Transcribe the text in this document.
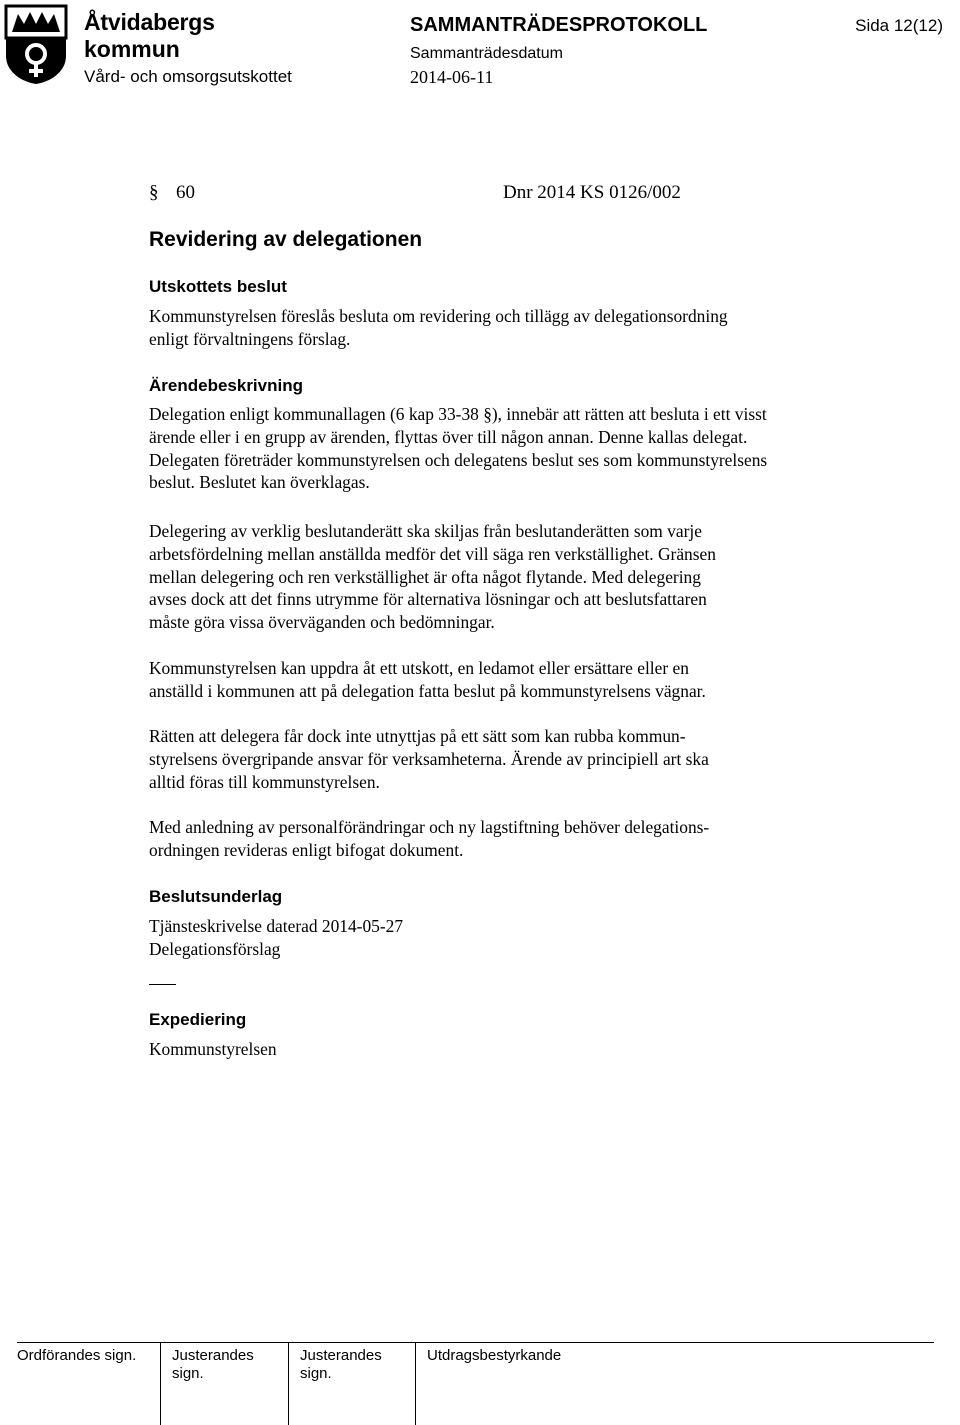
Åtvidabergs
kommun
Vård- och omsorgsutskottet
SAMMANTRÄDESPROTOKOLL
Sammanträdesdatum
2014-06-11
Sida 12(12)
§ 60	Dnr 2014 KS 0126/002
Revidering av delegationen
Utskottets beslut
Kommunstyrelsen föreslås besluta om revidering och tillägg av delegationsordning
enligt förvaltningens förslag.
Ärendebeskrivning
Delegation enligt kommunallagen (6 kap 33-38 §), innebär att rätten att besluta i ett visst
ärende eller i en grupp av ärenden, flyttas över till någon annan. Denne kallas delegat.
Delegaten företräder kommunstyrelsen och delegatens beslut ses som kommunstyrelsens
beslut. Beslutet kan överklagas.
Delegering av verklig beslutanderätt ska skiljas från beslutanderätten som varje
arbetsfördelning mellan anställda medför det vill säga ren verkställighet. Gränsen
mellan delegering och ren verkställighet är ofta något flytande. Med delegering
avses dock att det finns utrymme för alternativa lösningar och att beslutsfattaren
måste göra vissa överväganden och bedömningar.
Kommunstyrelsen kan uppdra åt ett utskott, en ledamot eller ersättare eller en
anställd i kommunen att på delegation fatta beslut på kommunstyrelsens vägnar.
Rätten att delegera får dock inte utnyttjas på ett sätt som kan rubba kommun-
styrelsens övergripande ansvar för verksamheterna. Ärende av principiell art ska
alltid föras till kommunstyrelsen.
Med anledning av personalförändringar och ny lagstiftning behöver delegations-
ordningen revideras enligt bifogat dokument.
Beslutsunderlag
Tjänsteskrivelse daterad 2014-05-27
Delegationsförslag
Expediering
Kommunstyrelsen
Ordförandes sign.	Justerandes
sign.
Justerandes
sign.
Utdragsbestyrkande
